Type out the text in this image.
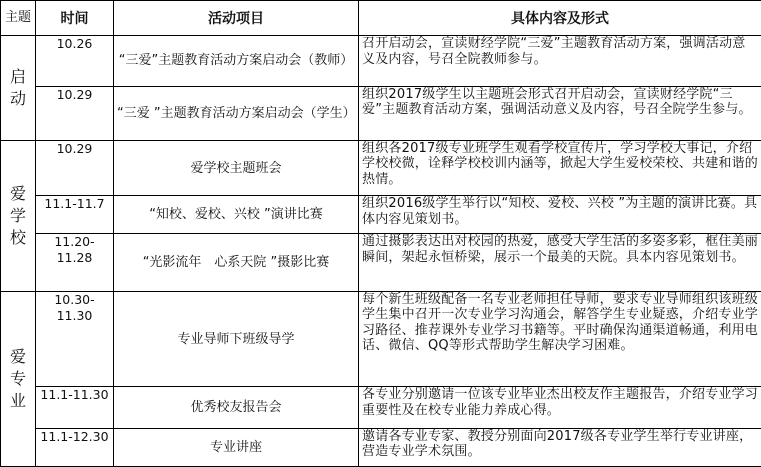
主题	时间	活动项目	具体内容及形式
启动	10.26	“三爱”主题教育活动方案启动会（教师）	召开启动会，宣读财经学院“三爱”主题教育活动方案，强调活动意义及内容，号召全院教师参与。
	10.29	“三爱 ”主题教育活动方案启动会（学生）	组织2017级学生以主题班会形式召开启动会，宣读财经学院“三爱”主题教育活动方案，强调活动意义及内容，号召全院学生参与。
爱学校	10.29	爱学校主题班会	组织各2017级专业班学生观看学校宣传片，学习学校大事记，介绍学校校微，诠释学校校训内涵等，掀起大学生爱校荣校、共建和谐的热情。
	11.1-11.7	“知校、爱校、兴校 ”演讲比赛	组织2016级学生举行以“知校、爱校、兴校 ”为主题的演讲比赛。具体内容见策划书。
	11.20-11.28	“光影流年　心系天院 ”摄影比赛	通过摄影表达出对校园的热爱，感受大学生活的多姿多彩，框住美丽瞬间，架起永恒桥梁，展示一个最美的天院。具本内容见策划书。
爱专业	10.30-11.30	专业导师下班级导学	每个新生班级配备一名专业老师担任导师，要求专业导师组织该班级学生集中召开一次专业学习沟通会，解答学生专业疑惑，介绍专业学习路径、推荐课外专业学习书籍等。平时确保沟通渠道畅通，利用电话、微信、QQ等形式帮助学生解决学习困难。
	11.1-11.30	优秀校友报告会	各专业分别邀请一位该专业毕业杰出校友作主题报告，介绍专业学习重要性及在校专业能力养成心得。
	11.1-12.30	专业讲座	邀请各专业专家、教授分别面向2017级各专业学生举行专业讲座，营造专业学术氛围。
